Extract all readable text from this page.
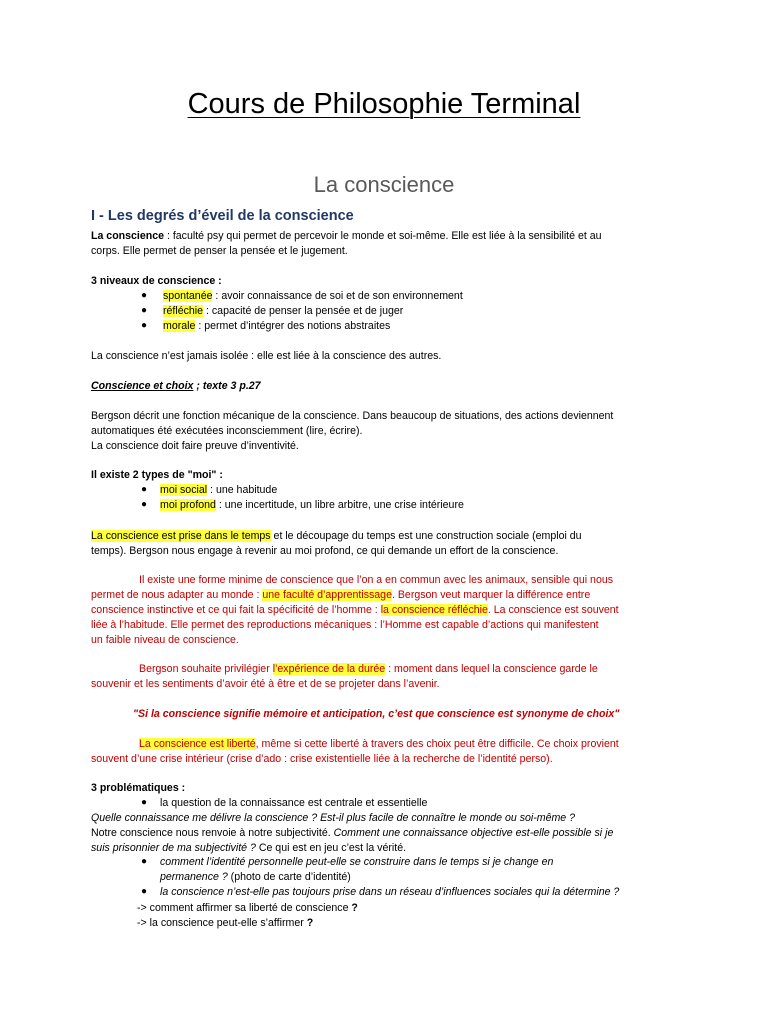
Cours de Philosophie Terminal
La conscience
I - Les degrés d’éveil de la conscience
La conscience : faculté psy qui permet de percevoir le monde et soi-même. Elle est liée à la sensibilité et au
corps. Elle permet de penser la pensée et le jugement.
3 niveaux de conscience :
● spontanée : avoir connaissance de soi et de son environnement
● réfléchie : capacité de penser la pensée et de juger
● morale : permet d’intégrer des notions abstraites
La conscience n’est jamais isolée : elle est liée à la conscience des autres.
Conscience et choix ; texte 3 p.27
Bergson décrit une fonction mécanique de la conscience. Dans beaucoup de situations, des actions deviennent
automatiques été exécutées inconsciemment (lire, écrire).
La conscience doit faire preuve d’inventivité.
Il existe 2 types de "moi" :
● moi social : une habitude
● moi profond : une incertitude, un libre arbitre, une crise intérieure
La conscience est prise dans le temps et le découpage du temps est une construction sociale (emploi du
temps). Bergson nous engage à revenir au moi profond, ce qui demande un effort de la conscience.
Il existe une forme minime de conscience que l’on a en commun avec les animaux, sensible qui nous
permet de nous adapter au monde : une faculté d’apprentissage. Bergson veut marquer la différence entre
conscience instinctive et ce qui fait la spécificité de l’homme : la conscience réfléchie. La conscience est souvent
liée à l’habitude. Elle permet des reproductions mécaniques : l’Homme est capable d’actions qui manifestent
un faible niveau de conscience.
Bergson souhaite privilégier l’expérience de la durée : moment dans lequel la conscience garde le
souvenir et les sentiments d’avoir été à être et de se projeter dans l’avenir.
"Si la conscience signifie mémoire et anticipation, c’est que conscience est synonyme de choix"
La conscience est liberté, même si cette liberté à travers des choix peut être difficile. Ce choix provient
souvent d’une crise intérieur (crise d’ado : crise existentielle liée à la recherche de l’identité perso).
3 problématiques :
● la question de la connaissance est centrale et essentielle
Quelle connaissance me délivre la conscience ? Est-il plus facile de connaître le monde ou soi-même ?
Notre conscience nous renvoie à notre subjectivité. Comment une connaissance objective est-elle possible si je
suis prisonnier de ma subjectivité ? Ce qui est en jeu c’est la vérité.
● comment l’identité personnelle peut-elle se construire dans le temps si je change en
permanence ? (photo de carte d’identité)
● la conscience n’est-elle pas toujours prise dans un réseau d’influences sociales qui la détermine ?
-> comment affirmer sa liberté de conscience ?
-> la conscience peut-elle s’affirmer ?
